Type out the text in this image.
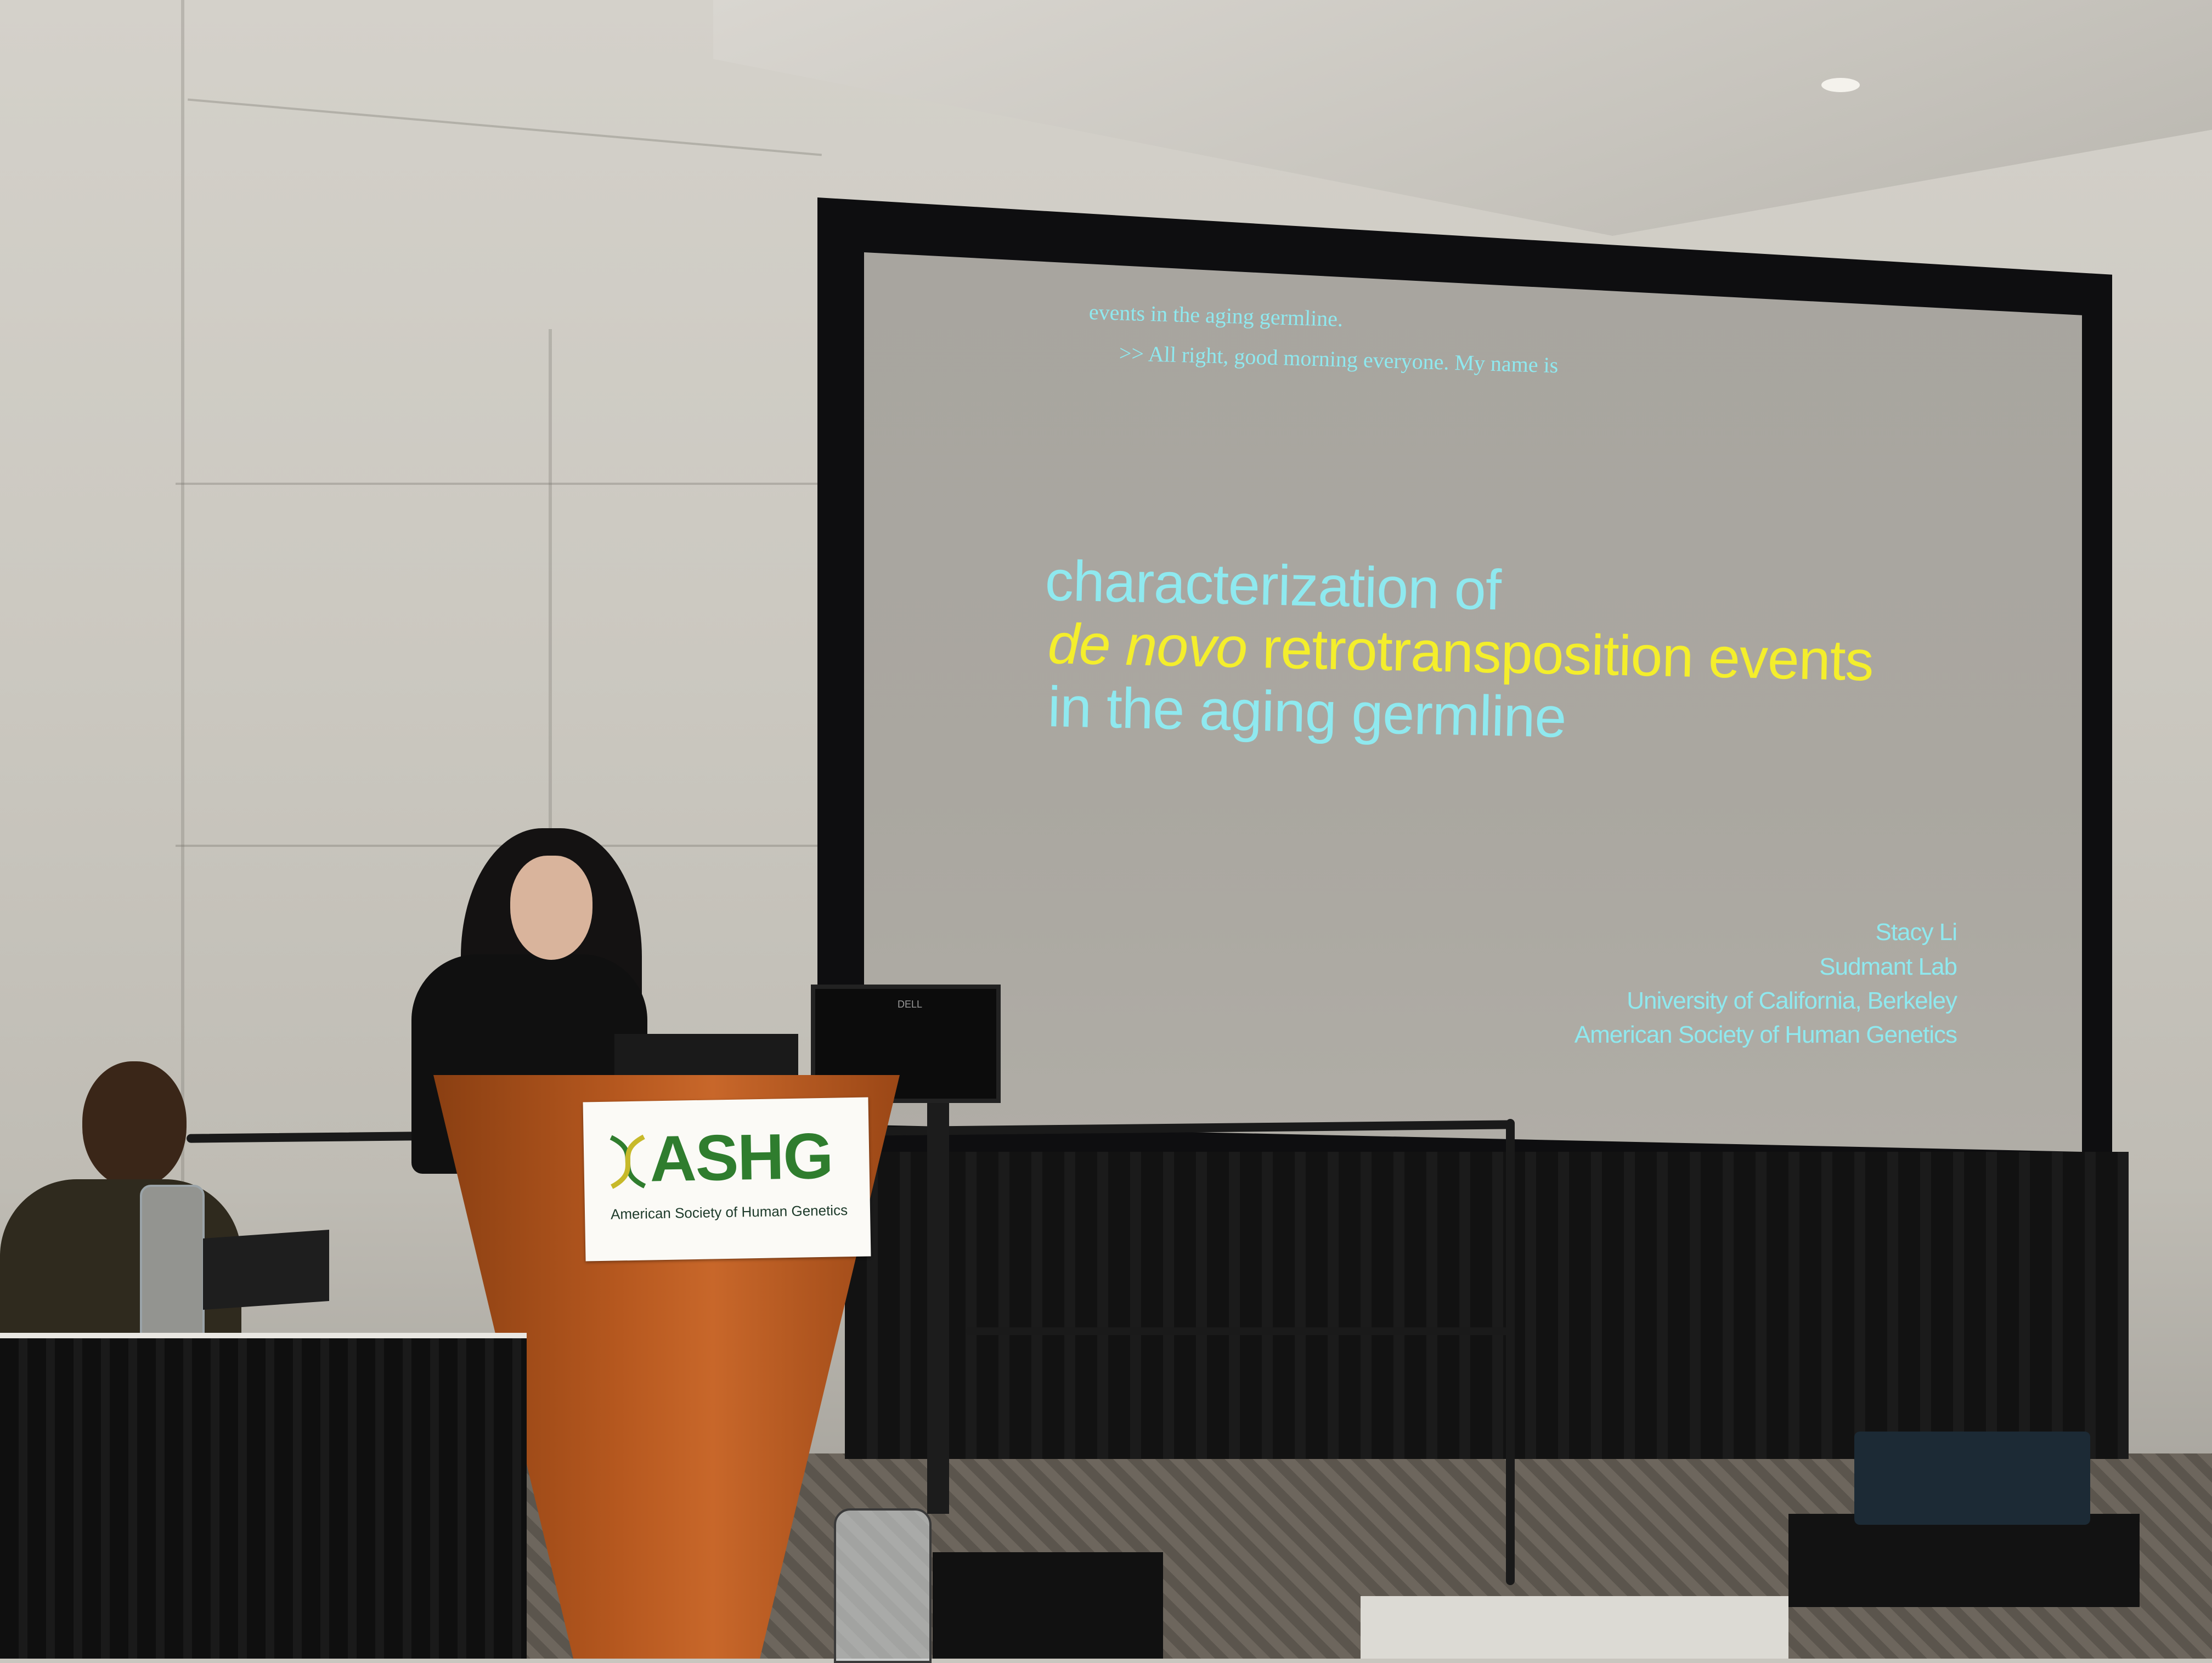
events in the aging germline.
>> All right, good morning everyone. My name is
characterization of
de novo retrotransposition events
in the aging germline
Stacy Li
Sudmant Lab
University of California, Berkeley
American Society of Human Genetics
DELL
ASHG
American Society of Human Genetics
